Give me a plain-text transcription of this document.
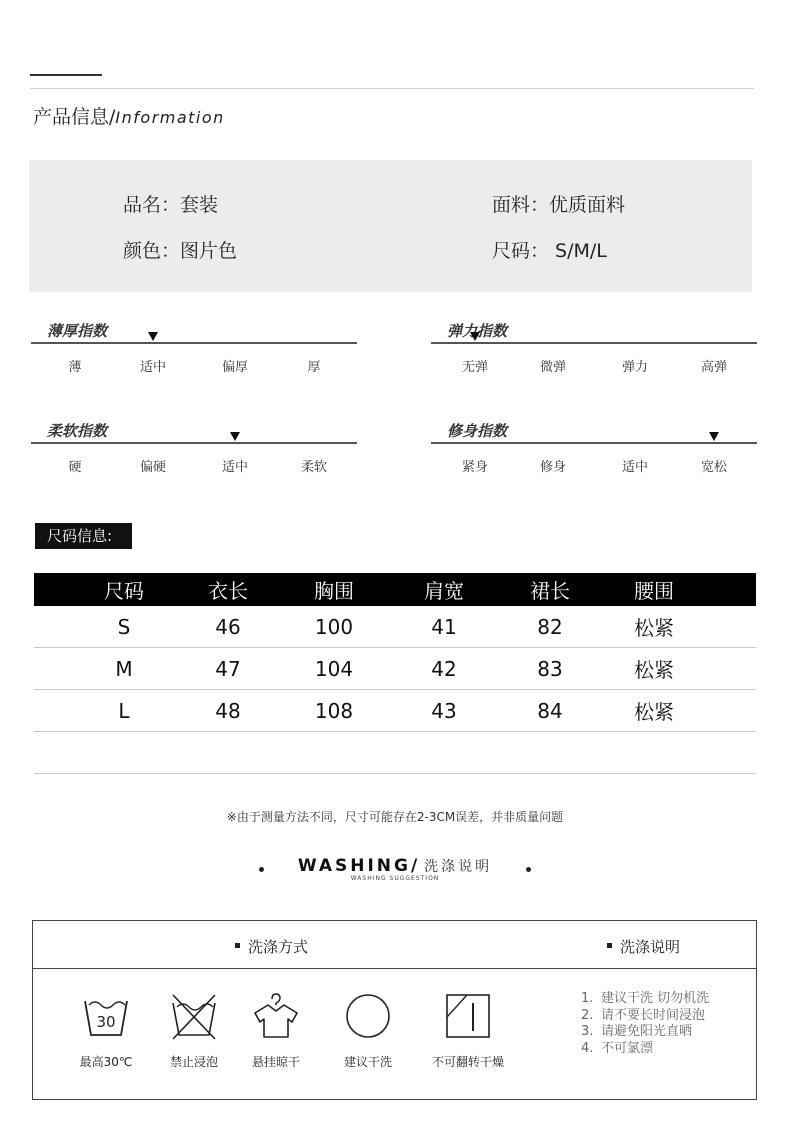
产品信息/Information
品名：套装
颜色：图片色
面料：优质面料
尺码： S/M/L
薄厚指数
薄	适中	偏厚	厚
弹力指数
无弹	微弹	弹力	高弹
柔软指数
硬	偏硬	适中	柔软
修身指数
紧身	修身	适中	宽松
尺码信息:
尺码	衣长	胸围	肩宽	裙长	腰围
S	46	100	41	82	松紧
M	47	104	42	83	松紧
L	48	108	43	84	松紧
※由于测量方法不同，尺寸可能存在2-3CM误差，并非质量问题
WASHING/ 洗涤说明
WASHING SUGGESTION
洗涤方式	洗涤说明
30
最高30℃	禁止浸泡	悬挂晾干	建议干洗	不可翻转干燥
1. 建议干洗 切勿机洗
2. 请不要长时间浸泡
3. 请避免阳光直晒
4. 不可氯漂
